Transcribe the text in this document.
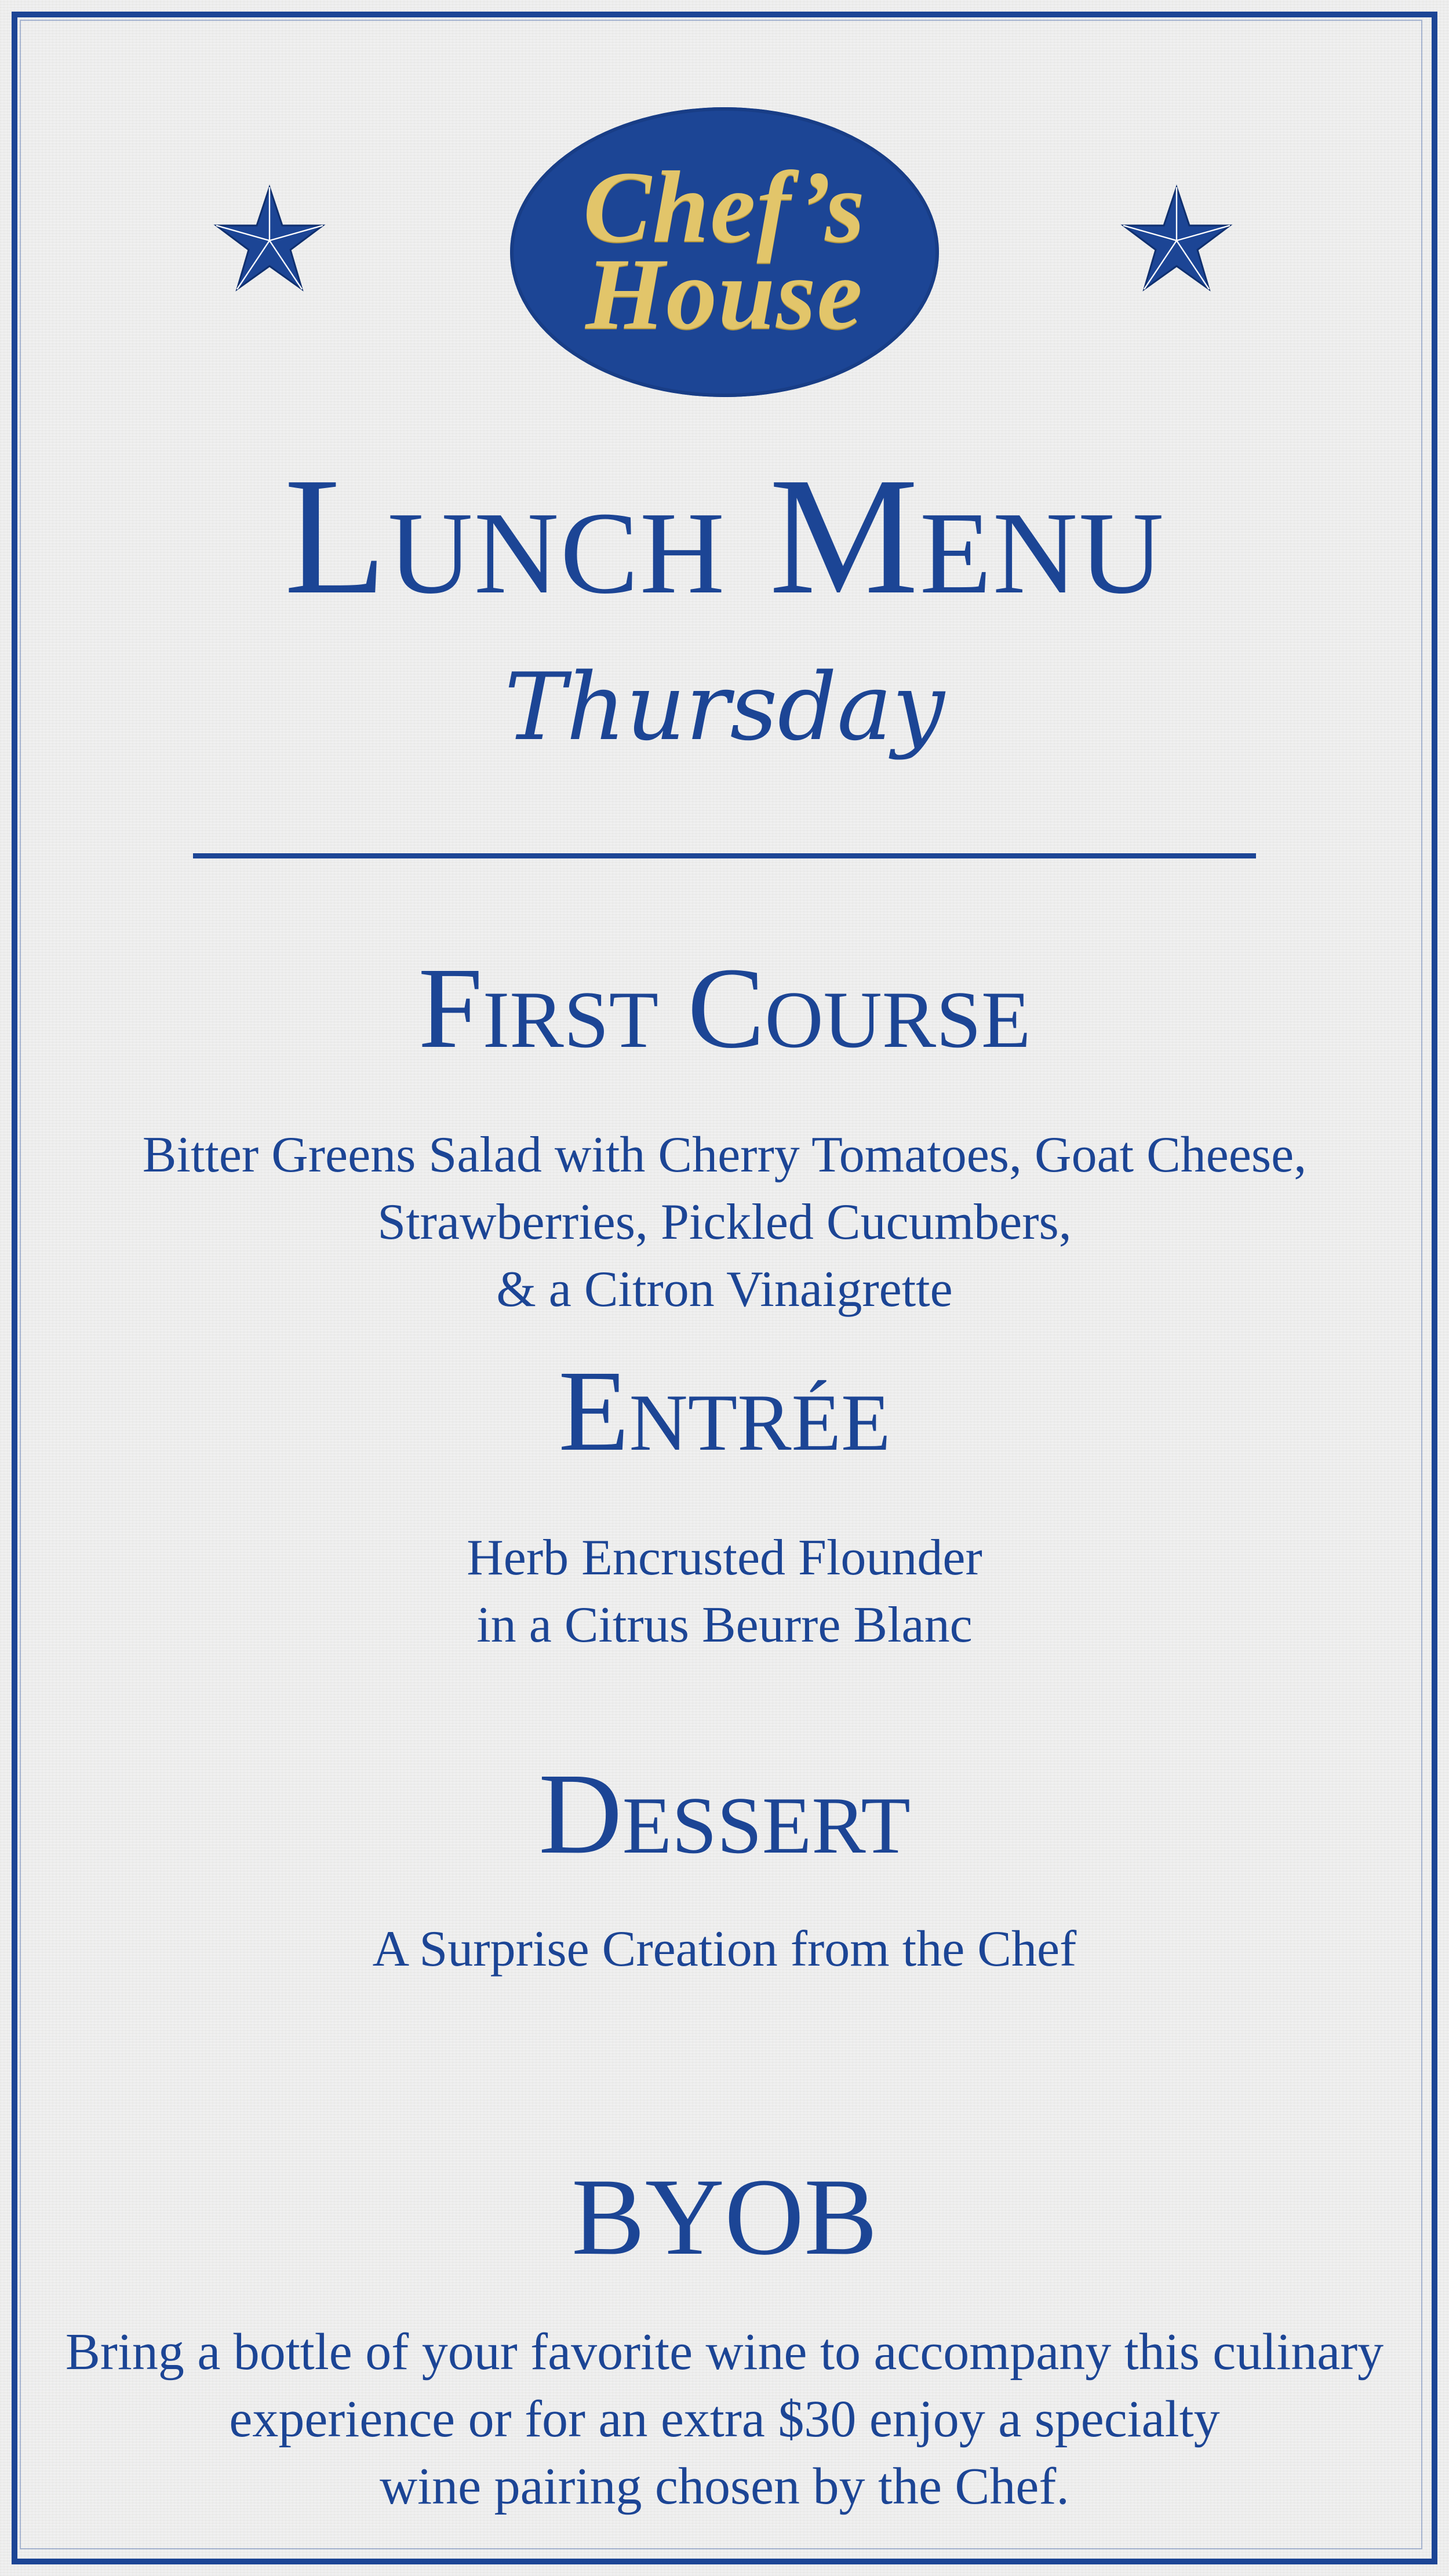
Chef’s
House
Lunch Menu
Thursday
First Course
Bitter Greens Salad with Cherry Tomatoes, Goat Cheese,
Strawberries, Pickled Cucumbers,
& a Citron Vinaigrette
Entrée
Herb Encrusted Flounder
in a Citrus Beurre Blanc
Dessert
A Surprise Creation from the Chef
BYOB
Bring a bottle of your favorite wine to accompany this culinary
experience or for an extra $30 enjoy a specialty
wine pairing chosen by the Chef.
